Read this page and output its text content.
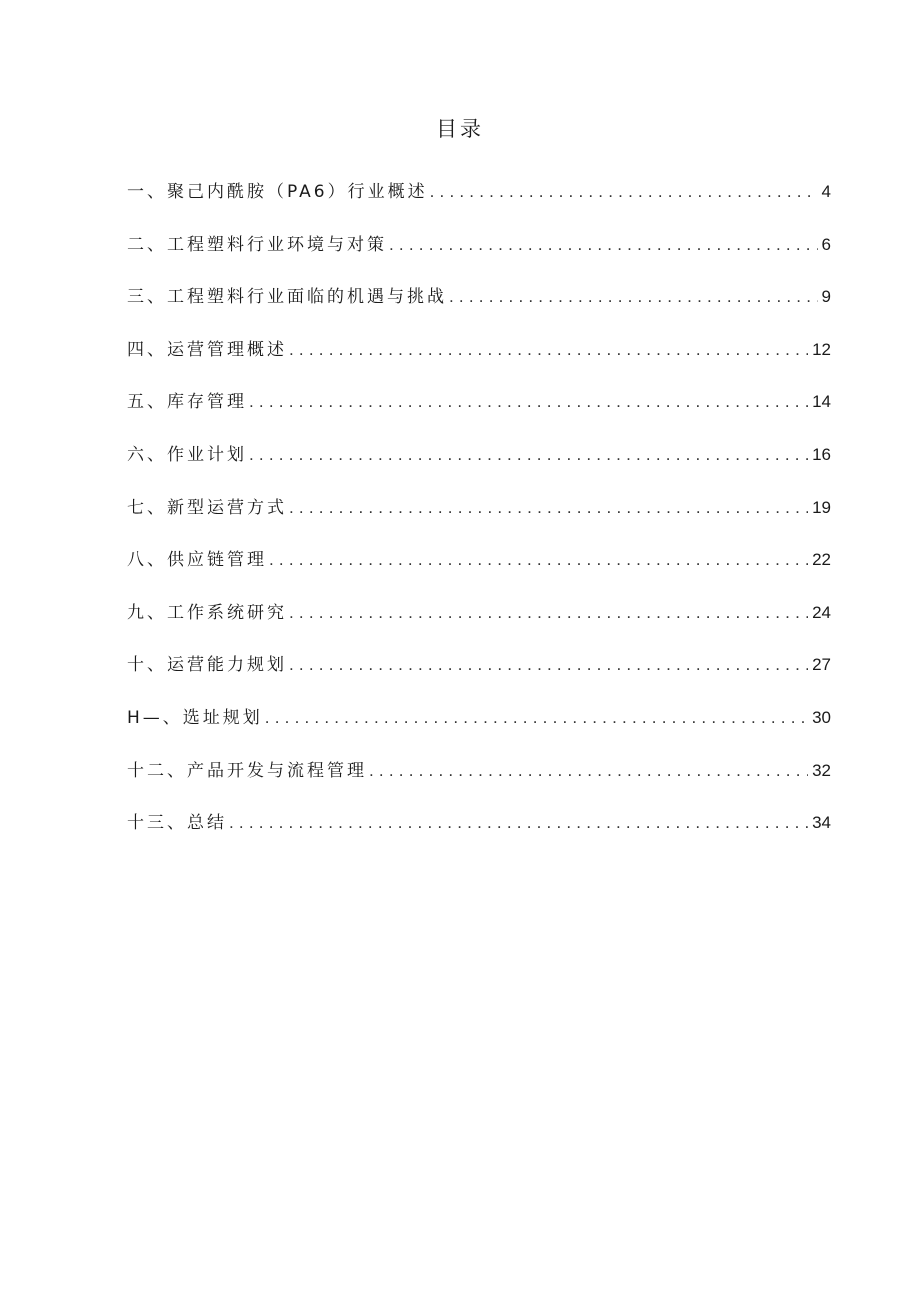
目录
一、聚己内酰胺（PA6）行业概述 .....	4
二、工程塑料行业环境与对策 .....	6
三、工程塑料行业面临的机遇与挑战 .....	9
四、运营管理概述 .....	12
五、库存管理 .....	14
六、作业计划 .....	16
七、新型运营方式 .....	19
八、供应链管理 .....	22
九、工作系统研究 .....	24
十、运营能力规划 .....	27
H—、选址规划 .....	30
十二、产品开发与流程管理 .....	32
十三、总结 .....	34
